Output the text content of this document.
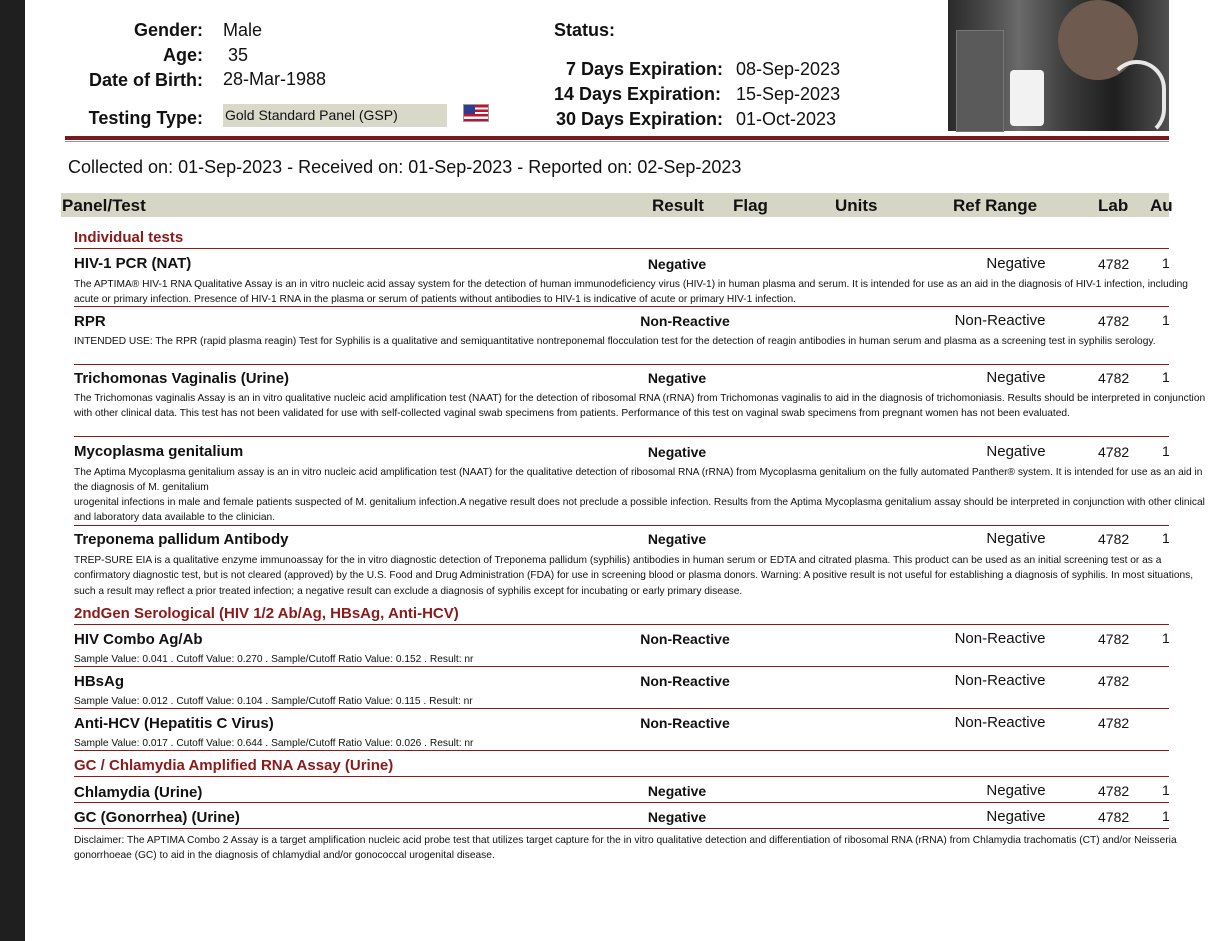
Gender: Male
Age: 35
Date of Birth: 28-Mar-1988
Testing Type: Gold Standard Panel (GSP)
Status:
7 Days Expiration: 08-Sep-2023
14 Days Expiration: 15-Sep-2023
30 Days Expiration: 01-Oct-2023
Collected on: 01-Sep-2023 - Received on: 01-Sep-2023 - Reported on: 02-Sep-2023
Panel/Test	Result Flag	Units	Ref Range	Lab Au
Individual tests
HIV-1 PCR (NAT)	Negative	Negative	4782 1
The APTIMA® HIV-1 RNA Qualitative Assay is an in vitro nucleic acid assay system for the detection of human immunodeficiency virus (HIV-1) in human plasma and serum. It is intended for use as an aid in the diagnosis of HIV-1 infection, including acute or primary infection. Presence of HIV-1 RNA in the plasma or serum of patients without antibodies to HIV-1 is indicative of acute or primary HIV-1 infection.
RPR	Non-Reactive	Non-Reactive	4782 1
INTENDED USE: The RPR (rapid plasma reagin) Test for Syphilis is a qualitative and semiquantitative nontreponemal flocculation test for the detection of reagin antibodies in human serum and plasma as a screening test in syphilis serology.
Trichomonas Vaginalis (Urine)	Negative	Negative	4782 1
The Trichomonas vaginalis Assay is an in vitro qualitative nucleic acid amplification test (NAAT) for the detection of ribosomal RNA (rRNA) from Trichomonas vaginalis to aid in the diagnosis of trichomoniasis. Results should be interpreted in conjunction with other clinical data. This test has not been validated for use with self-collected vaginal swab specimens from patients. Performance of this test on vaginal swab specimens from pregnant women has not been evaluated.
Mycoplasma genitalium	Negative	Negative	4782 1
The Aptima Mycoplasma genitalium assay is an in vitro nucleic acid amplification test (NAAT) for the qualitative detection of ribosomal RNA (rRNA) from Mycoplasma genitalium on the fully automated Panther® system. It is intended for use as an aid in the diagnosis of M. genitalium
urogenital infections in male and female patients suspected of M. genitalium infection.A negative result does not preclude a possible infection. Results from the Aptima Mycoplasma genitalium assay should be interpreted in conjunction with other clinical and laboratory data available to the clinician.
Treponema pallidum Antibody	Negative	Negative	4782 1
TREP-SURE EIA is a qualitative enzyme immunoassay for the in vitro diagnostic detection of Treponema pallidum (syphilis) antibodies in human serum or EDTA and citrated plasma. This product can be used as an initial screening test or as a confirmatory diagnostic test, but is not cleared (approved) by the U.S. Food and Drug Administration (FDA) for use in screening blood or plasma donors. Warning: A positive result is not useful for establishing a diagnosis of syphilis. In most situations, such a result may reflect a prior treated infection; a negative result can exclude a diagnosis of syphilis except for incubating or early primary disease.
2ndGen Serological (HIV 1/2 Ab/Ag, HBsAg, Anti-HCV)
HIV Combo Ag/Ab	Non-Reactive	Non-Reactive	4782 1
Sample Value: 0.041 . Cutoff Value: 0.270 . Sample/Cutoff Ratio Value: 0.152 . Result: nr
HBsAg	Non-Reactive	Non-Reactive	4782
Sample Value: 0.012 . Cutoff Value: 0.104 . Sample/Cutoff Ratio Value: 0.115 . Result: nr
Anti-HCV (Hepatitis C Virus)	Non-Reactive	Non-Reactive	4782
Sample Value: 0.017 . Cutoff Value: 0.644 . Sample/Cutoff Ratio Value: 0.026 . Result: nr
GC / Chlamydia Amplified RNA Assay (Urine)
Chlamydia (Urine)	Negative	Negative	4782 1
GC (Gonorrhea) (Urine)	Negative	Negative	4782 1
Disclaimer: The APTIMA Combo 2 Assay is a target amplification nucleic acid probe test that utilizes target capture for the in vitro qualitative detection and differentiation of ribosomal RNA (rRNA) from Chlamydia trachomatis (CT) and/or Neisseria gonorrhoeae (GC) to aid in the diagnosis of chlamydial and/or gonococcal urogenital disease.
